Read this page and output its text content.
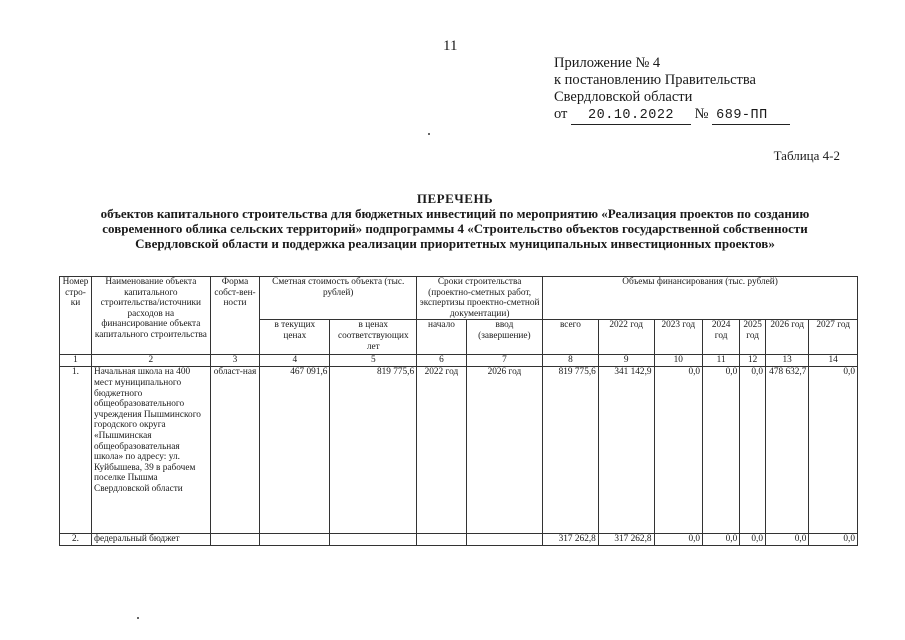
11
Приложение № 4
к постановлению Правительства
Свердловской области
от 20.10.2022 № 689-ПП
Таблица 4-2
ПЕРЕЧЕНЬ
объектов капитального строительства для бюджетных инвестиций по мероприятию «Реализация проектов по созданию
современного облика сельских территорий» подпрограммы 4 «Строительство объектов государственной собственности
Свердловской области и поддержка реализации приоритетных муниципальных инвестиционных проектов»
Номер стро-ки	Наименование объекта капитального строительства/источники расходов на финансирование объекта капитального строительства	Форма собст-вен-ности	Сметная стоимость объекта (тыс. рублей)		Сроки строительства (проектно-сметных работ, экспертизы проектно-сметной документации)		Объемы финансирования (тыс. рублей)						
			в текущих ценах	в ценах соответствующих лет	начало	ввод (завершение)	всего	2022 год	2023 год	2024 год	2025 год	2026 год	2027 год
1	2	3	4	5	6	7	8	9	10	11	12	13	14
1.	Начальная школа на 400 мест муниципального бюджетного общеобразовательного учреждения Пышминского городского округа «Пышминская общеобразовательная школа» по адресу: ул. Куйбышева, 39 в рабочем поселке Пышма Свердловской области	област-ная	467 091,6	819 775,6	2022 год	2026 год	819 775,6	341 142,9	0,0	0,0	0,0	478 632,7	0,0
2.	федеральный бюджет						317 262,8	317 262,8	0,0	0,0	0,0	0,0	0,0
